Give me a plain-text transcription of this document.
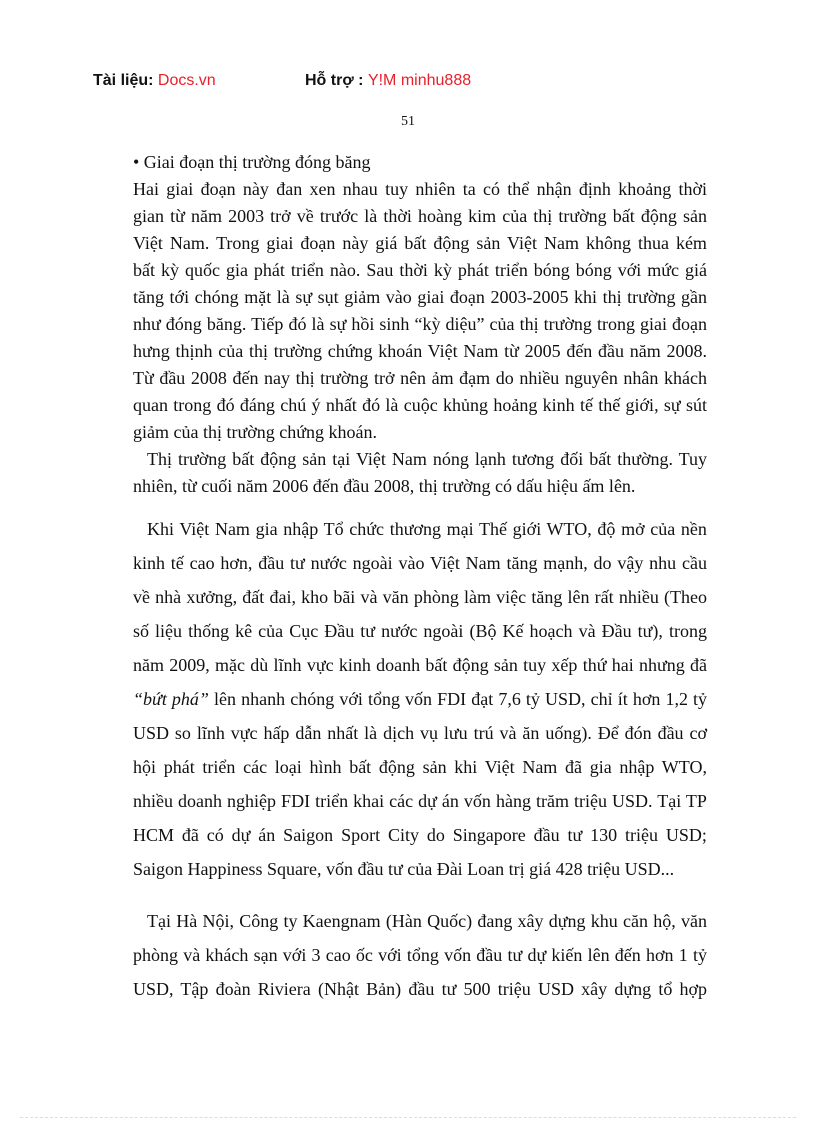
Tài liệu: Docs.vn	Hỗ trợ : Y!M minhu888
51
• Giai đoạn thị trường đóng băng
Hai giai đoạn này đan xen nhau tuy nhiên ta có thể nhận định khoảng thời
gian từ năm 2003 trở về trước là thời hoàng kim của thị trường bất động sản
Việt Nam. Trong giai đoạn này giá bất động sản Việt Nam không thua kém
bất kỳ quốc gia phát triển nào. Sau thời kỳ phát triển bóng bóng với mức giá
tăng tới chóng mặt là sự sụt giảm vào giai đoạn 2003-2005 khi thị trường gần
như đóng băng. Tiếp đó là sự hồi sinh “kỳ diệu” của thị trường trong giai đoạn
hưng thịnh của thị trường chứng khoán Việt Nam từ 2005 đến đầu năm 2008.
Từ đầu 2008 đến nay thị trường trở nên ảm đạm do nhiều nguyên nhân khách
quan trong đó đáng chú ý nhất đó là cuộc khủng hoảng kinh tế thế giới, sự sút
giảm của thị trường chứng khoán.
Thị trường bất động sản tại Việt Nam nóng lạnh tương đối bất thường. Tuy
nhiên, từ cuối năm 2006 đến đầu 2008, thị trường có dấu hiệu ấm lên.
Khi Việt Nam gia nhập Tổ chức thương mại Thế giới WTO, độ mở của nền
kinh tế cao hơn, đầu tư nước ngoài vào Việt Nam tăng mạnh, do vậy nhu cầu
về nhà xưởng, đất đai, kho bãi và văn phòng làm việc tăng lên rất nhiều (Theo
số liệu thống kê của Cục Đầu tư nước ngoài (Bộ Kế hoạch và Đầu tư), trong
năm 2009, mặc dù lĩnh vực kinh doanh bất động sản tuy xếp thứ hai nhưng đã
“bứt phá” lên nhanh chóng với tổng vốn FDI đạt 7,6 tỷ USD, chỉ ít hơn 1,2 tỷ
USD so lĩnh vực hấp dẫn nhất là dịch vụ lưu trú và ăn uống). Để đón đầu cơ
hội phát triển các loại hình bất động sản khi Việt Nam đã gia nhập WTO,
nhiều doanh nghiệp FDI triển khai các dự án vốn hàng trăm triệu USD. Tại TP
HCM đã có dự án Saigon Sport City do Singapore đầu tư 130 triệu USD;
Saigon Happiness Square, vốn đầu tư của Đài Loan trị giá 428 triệu USD...
Tại Hà Nội, Công ty Kaengnam (Hàn Quốc) đang xây dựng khu căn hộ, văn
phòng và khách sạn với 3 cao ốc với tổng vốn đầu tư dự kiến lên đến hơn 1 tỷ
USD, Tập đoàn Riviera (Nhật Bản) đầu tư 500 triệu USD xây dựng tổ hợp
